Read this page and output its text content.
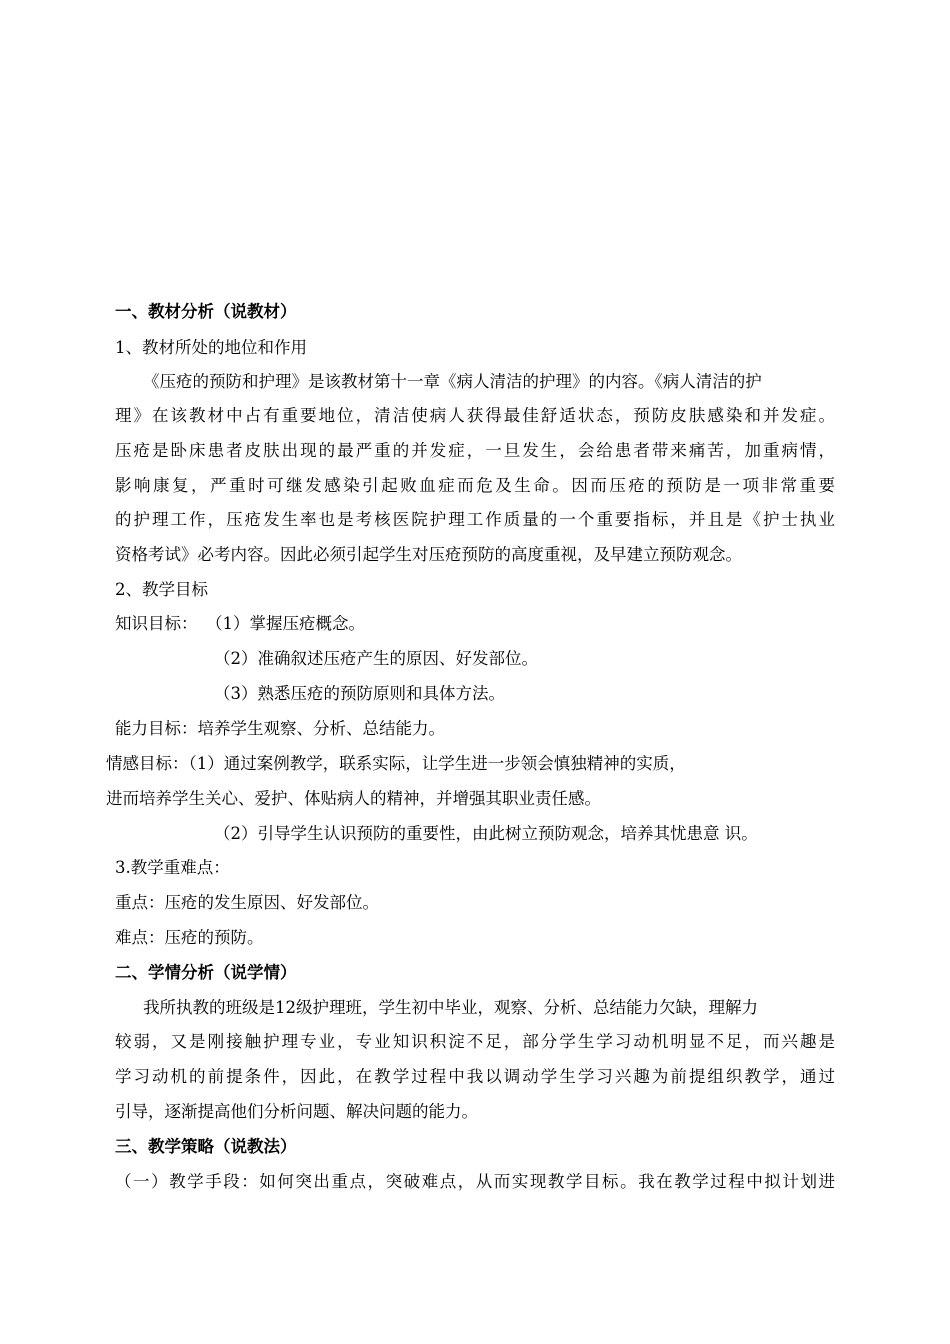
一、教材分析（说教材）
1、教材所处的地位和作用
《压疮的预防和护理》是该教材第十一章《病人清洁的护理》的内容。《病人清洁的护
理》在该教材中占有重要地位，清洁使病人获得最佳舒适状态，预防皮肤感染和并发症。
压疮是卧床患者皮肤出现的最严重的并发症，一旦发生，会给患者带来痛苦，加重病情，
影响康复，严重时可继发感染引起败血症而危及生命。因而压疮的预防是一项非常重要
的护理工作，压疮发生率也是考核医院护理工作质量的一个重要指标，并且是《护士执业
资格考试》必考内容。因此必须引起学生对压疮预防的高度重视，及早建立预防观念。
2、教学目标
知识目标： （1）掌握压疮概念。
（2）准确叙述压疮产生的原因、好发部位。
（3）熟悉压疮的预防原则和具体方法。
能力目标：培养学生观察、分析、总结能力。
情感目标：（1）通过案例教学，联系实际，让学生进一步领会慎独精神的实质，
进而培养学生关心、爱护、体贴病人的精神，并增强其职业责任感。
（2）引导学生认识预防的重要性，由此树立预防观念，培养其忧患意 识。
3.教学重难点：
重点：压疮的发生原因、好发部位。
难点：压疮的预防。
二、学情分析（说学情）
我所执教的班级是12级护理班，学生初中毕业，观察、分析、总结能力欠缺，理解力
较弱，又是刚接触护理专业，专业知识积淀不足，部分学生学习动机明显不足，而兴趣是
学习动机的前提条件，因此，在教学过程中我以调动学生学习兴趣为前提组织教学，通过
引导，逐渐提高他们分析问题、解决问题的能力。
三、教学策略（说教法）
（一）教学手段：如何突出重点，突破难点，从而实现教学目标。我在教学过程中拟计划进
